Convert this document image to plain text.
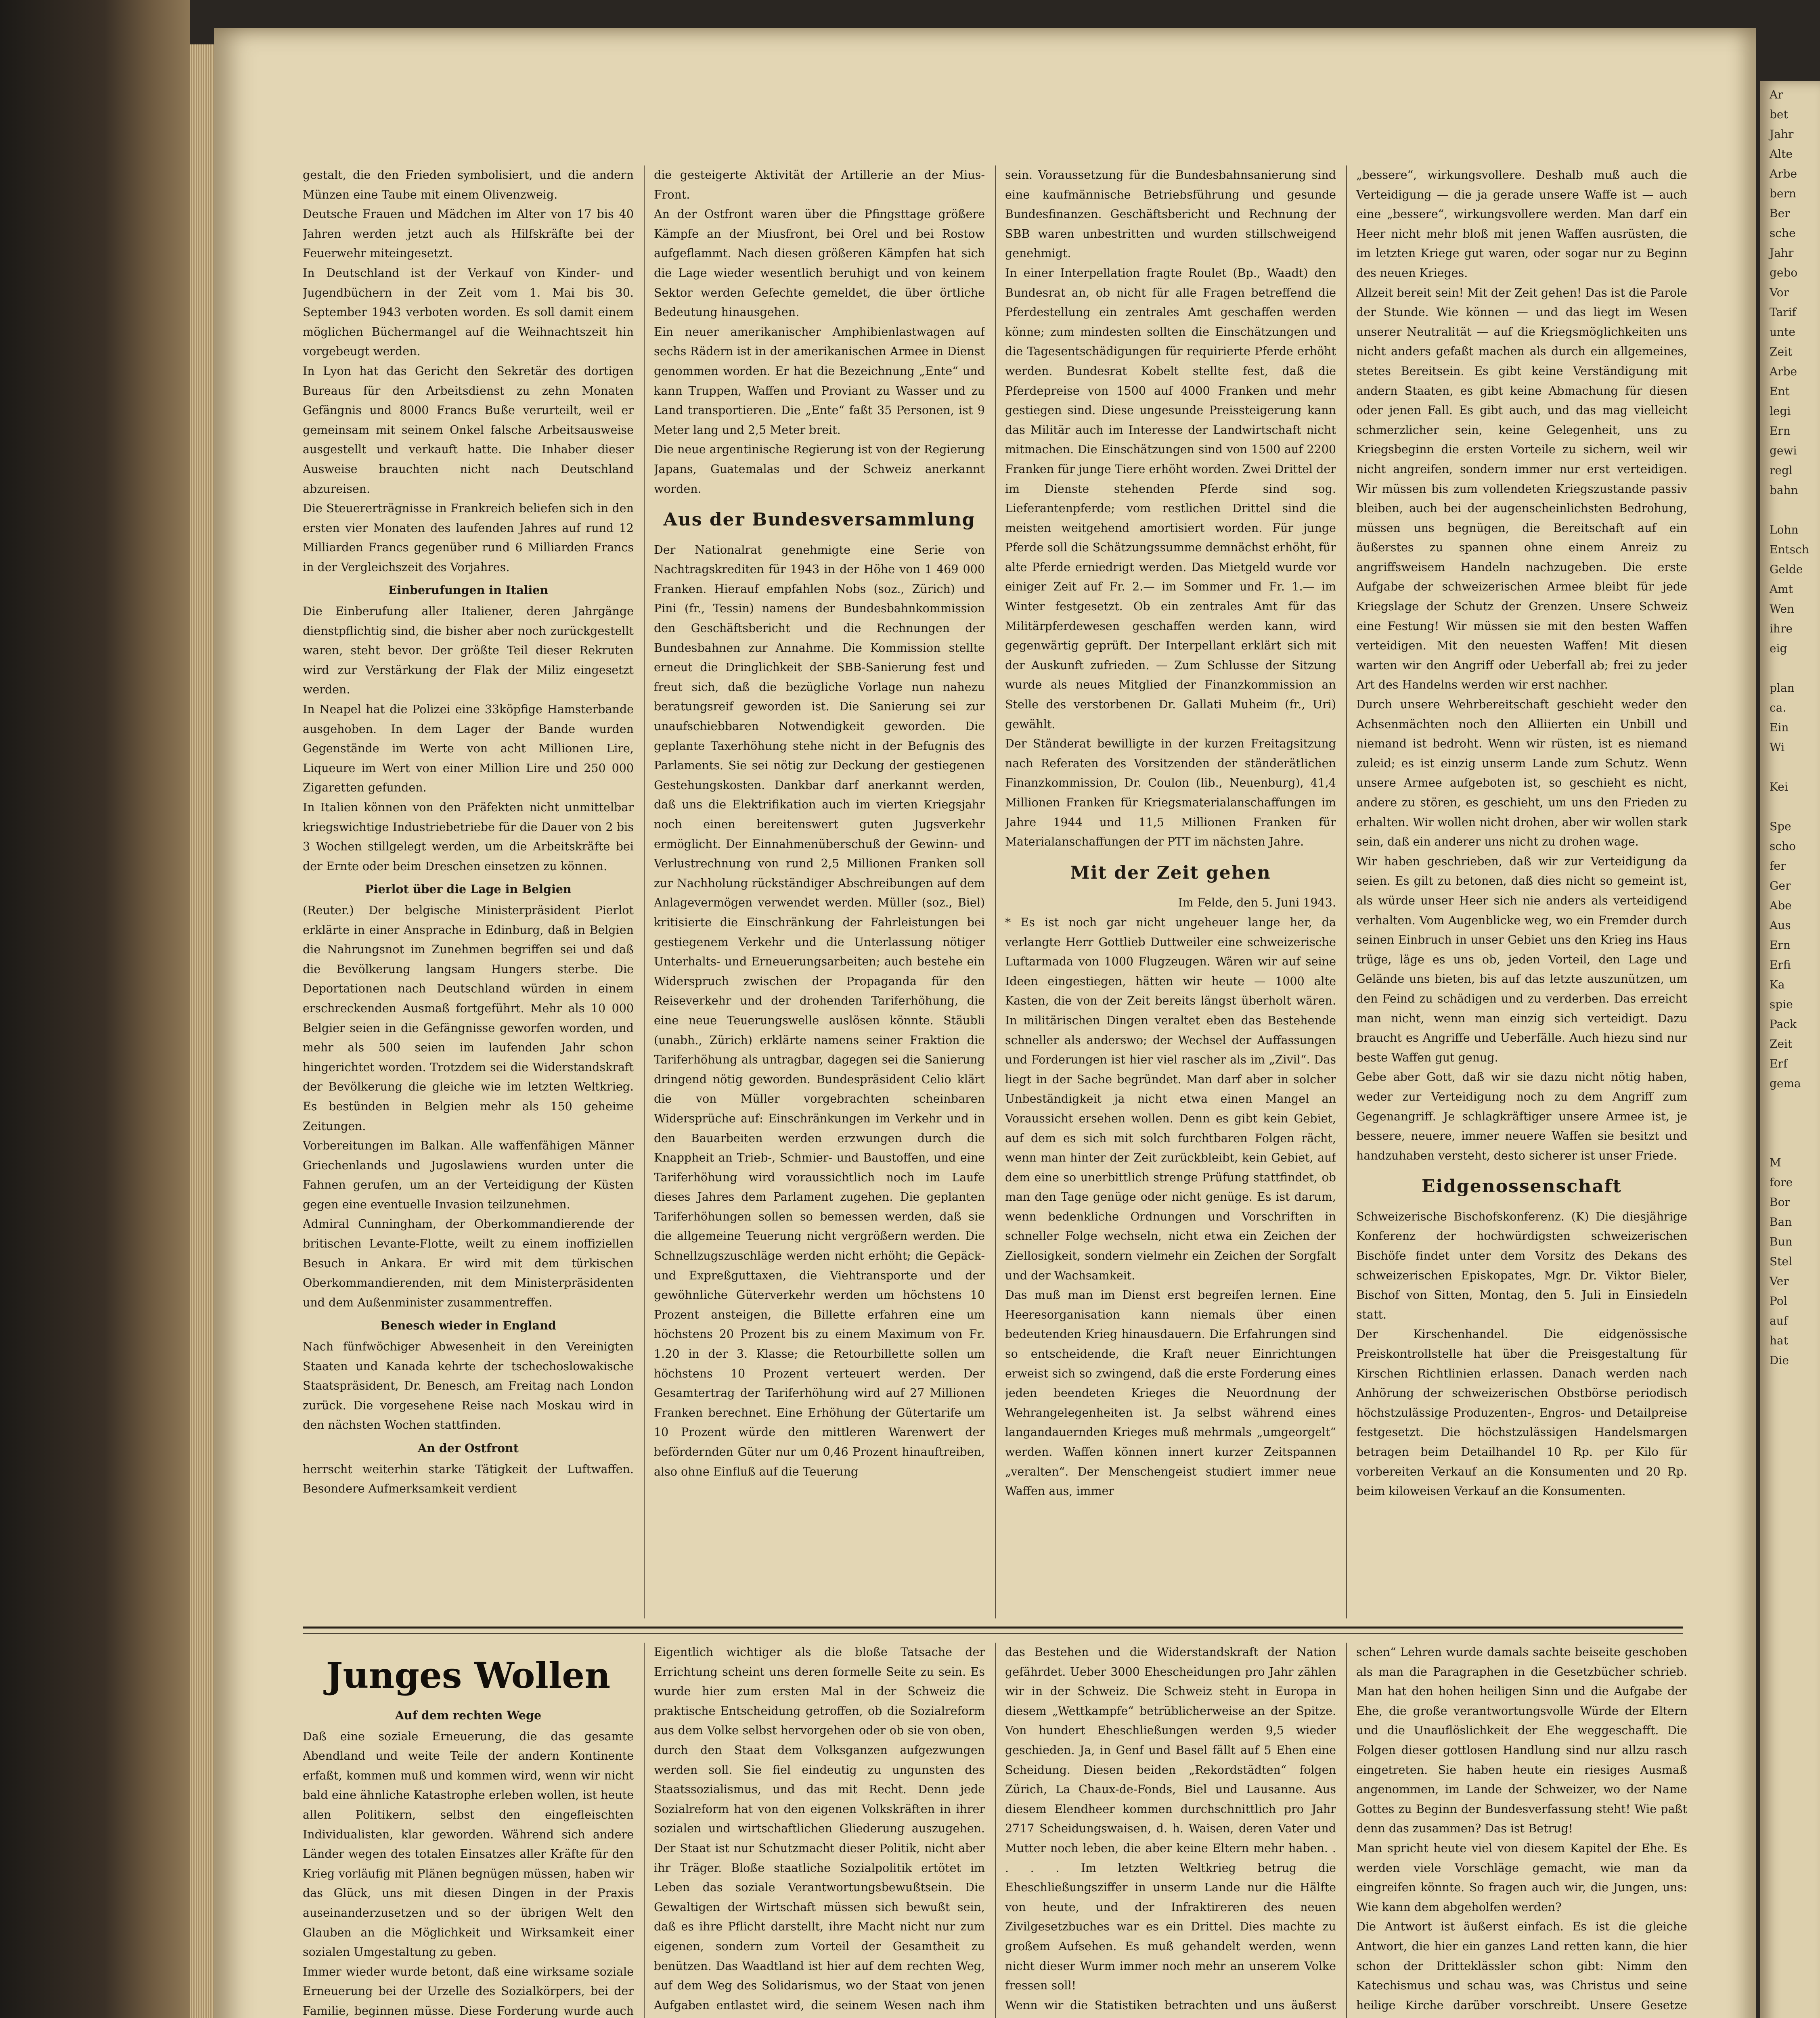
gestalt, die den Frieden symbolisiert, und die andern Münzen eine Taube mit einem Olivenzweig.

Deutsche Frauen und Mädchen im Alter von 17 bis 40 Jahren werden jetzt auch als Hilfskräfte bei der Feuerwehr miteingesetzt.

In Deutschland ist der Verkauf von Kinder- und Jugendbüchern in der Zeit vom 1. Mai bis 30. September 1943 verboten worden. Es soll damit einem möglichen Büchermangel auf die Weihnachtszeit hin vorgebeugt werden.

In Lyon hat das Gericht den Sekretär des dortigen Bureaus für den Arbeitsdienst zu zehn Monaten Gefängnis und 8000 Francs Buße verurteilt, weil er gemeinsam mit seinem Onkel falsche Arbeitsausweise ausgestellt und verkauft hatte. Die Inhaber dieser Ausweise brauchten nicht nach Deutschland abzureisen.

Die Steuererträgnisse in Frankreich beliefen sich in den ersten vier Monaten des laufenden Jahres auf rund 12 Milliarden Francs gegenüber rund 6 Milliarden Francs in der Vergleichszeit des Vorjahres.

Einberufungen in Italien

Die Einberufung aller Italiener, deren Jahrgänge dienstpflichtig sind, die bisher aber noch zurückgestellt waren, steht bevor. Der größte Teil dieser Rekruten wird zur Verstärkung der Flak der Miliz eingesetzt werden.

In Neapel hat die Polizei eine 33köpfige Hamsterbande ausgehoben. In dem Lager der Bande wurden Gegenstände im Werte von acht Millionen Lire, Liqueure im Wert von einer Million Lire und 250 000 Zigaretten gefunden.

In Italien können von den Präfekten nicht unmittelbar kriegswichtige Industriebetriebe für die Dauer von 2 bis 3 Wochen stillgelegt werden, um die Arbeitskräfte bei der Ernte oder beim Dreschen einsetzen zu können.

Pierlot über die Lage in Belgien

(Reuter.) Der belgische Ministerpräsident Pierlot erklärte in einer Ansprache in Edinburg, daß in Belgien die Nahrungsnot im Zunehmen begriffen sei und daß die Bevölkerung langsam Hungers sterbe. Die Deportationen nach Deutschland würden in einem erschreckenden Ausmaß fortgeführt. Mehr als 10 000 Belgier seien in die Gefängnisse geworfen worden, und mehr als 500 seien im laufenden Jahr schon hingerichtet worden. Trotzdem sei die Widerstandskraft der Bevölkerung die gleiche wie im letzten Weltkrieg. Es bestünden in Belgien mehr als 150 geheime Zeitungen.

Vorbereitungen im Balkan. Alle waffenfähigen Männer Griechenlands und Jugoslawiens wurden unter die Fahnen gerufen, um an der Verteidigung der Küsten gegen eine eventuelle Invasion teilzunehmen.

Admiral Cunningham, der Oberkommandierende der britischen Levante-Flotte, weilt zu einem inoffiziellen Besuch in Ankara. Er wird mit dem türkischen Oberkommandierenden, mit dem Ministerpräsidenten und dem Außenminister zusammentreffen.

Benesch wieder in England

Nach fünfwöchiger Abwesenheit in den Vereinigten Staaten und Kanada kehrte der tschechoslowakische Staatspräsident, Dr. Benesch, am Freitag nach London zurück. Die vorgesehene Reise nach Moskau wird in den nächsten Wochen stattfinden.

An der Ostfront

herrscht weiterhin starke Tätigkeit der Luftwaffen. Besondere Aufmerksamkeit verdient

die gesteigerte Aktivität der Artillerie an der Mius-Front.

An der Ostfront waren über die Pfingsttage größere Kämpfe an der Miusfront, bei Orel und bei Rostow aufgeflammt. Nach diesen größeren Kämpfen hat sich die Lage wieder wesentlich beruhigt und von keinem Sektor werden Gefechte gemeldet, die über örtliche Bedeutung hinausgehen.

Ein neuer amerikanischer Amphibienlastwagen auf sechs Rädern ist in der amerikanischen Armee in Dienst genommen worden. Er hat die Bezeichnung „Ente“ und kann Truppen, Waffen und Proviant zu Wasser und zu Land transportieren. Die „Ente“ faßt 35 Personen, ist 9 Meter lang und 2,5 Meter breit.

Die neue argentinische Regierung ist von der Regierung Japans, Guatemalas und der Schweiz anerkannt worden.

Aus der Bundesversammlung

Der Nationalrat genehmigte eine Serie von Nachtragskrediten für 1943 in der Höhe von 1 469 000 Franken. Hierauf empfahlen Nobs (soz., Zürich) und Pini (fr., Tessin) namens der Bundesbahnkommission den Geschäftsbericht und die Rechnungen der Bundesbahnen zur Annahme. Die Kommission stellte erneut die Dringlichkeit der SBB-Sanierung fest und freut sich, daß die bezügliche Vorlage nun nahezu beratungsreif geworden ist. Die Sanierung sei zur unaufschiebbaren Notwendigkeit geworden. Die geplante Taxerhöhung stehe nicht in der Befugnis des Parlaments. Sie sei nötig zur Deckung der gestiegenen Gestehungskosten. Dankbar darf anerkannt werden, daß uns die Elektrifikation auch im vierten Kriegsjahr noch einen bereitenswert guten Jugsverkehr ermöglicht. Der Einnahmenüberschuß der Gewinn- und Verlustrechnung von rund 2,5 Millionen Franken soll zur Nachholung rückständiger Abschreibungen auf dem Anlagevermögen verwendet werden. Müller (soz., Biel) kritisierte die Einschränkung der Fahrleistungen bei gestiegenem Verkehr und die Unterlassung nötiger Unterhalts- und Erneuerungsarbeiten; auch bestehe ein Widerspruch zwischen der Propaganda für den Reiseverkehr und der drohenden Tariferhöhung, die eine neue Teuerungswelle auslösen könnte. Stäubli (unabh., Zürich) erklärte namens seiner Fraktion die Tariferhöhung als untragbar, dagegen sei die Sanierung dringend nötig geworden. Bundespräsident Celio klärt die von Müller vorgebrachten scheinbaren Widersprüche auf: Einschränkungen im Verkehr und in den Bauarbeiten werden erzwungen durch die Knappheit an Trieb-, Schmier- und Baustoffen, und eine Tariferhöhung wird voraussichtlich noch im Laufe dieses Jahres dem Parlament zugehen. Die geplanten Tariferhöhungen sollen so bemessen werden, daß sie die allgemeine Teuerung nicht vergrößern werden. Die Schnellzugszuschläge werden nicht erhöht; die Gepäck- und Expreßguttaxen, die Viehtransporte und der gewöhnliche Güterverkehr werden um höchstens 10 Prozent ansteigen, die Billette erfahren eine um höchstens 20 Prozent bis zu einem Maximum von Fr. 1.20 in der 3. Klasse; die Retourbillette sollen um höchstens 10 Prozent verteuert werden. Der Gesamtertrag der Tariferhöhung wird auf 27 Millionen Franken berechnet. Eine Erhöhung der Gütertarife um 10 Prozent würde den mittleren Warenwert der befördernden Güter nur um 0,46 Prozent hinauftreiben, also ohne Einfluß auf die Teuerung

sein. Voraussetzung für die Bundesbahnsanierung sind eine kaufmännische Betriebsführung und gesunde Bundesfinanzen. Geschäftsbericht und Rechnung der SBB waren unbestritten und wurden stillschweigend genehmigt.

In einer Interpellation fragte Roulet (Bp., Waadt) den Bundesrat an, ob nicht für alle Fragen betreffend die Pferdestellung ein zentrales Amt geschaffen werden könne; zum mindesten sollten die Einschätzungen und die Tagesentschädigungen für requirierte Pferde erhöht werden. Bundesrat Kobelt stellte fest, daß die Pferdepreise von 1500 auf 4000 Franken und mehr gestiegen sind. Diese ungesunde Preissteigerung kann das Militär auch im Interesse der Landwirtschaft nicht mitmachen. Die Einschätzungen sind von 1500 auf 2200 Franken für junge Tiere erhöht worden. Zwei Drittel der im Dienste stehenden Pferde sind sog. Lieferantenpferde; vom restlichen Drittel sind die meisten weitgehend amortisiert worden. Für junge Pferde soll die Schätzungssumme demnächst erhöht, für alte Pferde erniedrigt werden. Das Mietgeld wurde vor einiger Zeit auf Fr. 2.— im Sommer und Fr. 1.— im Winter festgesetzt. Ob ein zentrales Amt für das Militärpferdewesen geschaffen werden kann, wird gegenwärtig geprüft. Der Interpellant erklärt sich mit der Auskunft zufrieden. — Zum Schlusse der Sitzung wurde als neues Mitglied der Finanzkommission an Stelle des verstorbenen Dr. Gallati Muheim (fr., Uri) gewählt.

Der Ständerat bewilligte in der kurzen Freitagsitzung nach Referaten des Vorsitzenden der ständerätlichen Finanzkommission, Dr. Coulon (lib., Neuenburg), 41,4 Millionen Franken für Kriegsmaterialanschaffungen im Jahre 1944 und 11,5 Millionen Franken für Materialanschaffungen der PTT im nächsten Jahre.

Mit der Zeit gehen

Im Felde, den 5. Juni 1943.

* Es ist noch gar nicht ungeheuer lange her, da verlangte Herr Gottlieb Duttweiler eine schweizerische Luftarmada von 1000 Flugzeugen. Wären wir auf seine Ideen eingestiegen, hätten wir heute — 1000 alte Kasten, die von der Zeit bereits längst überholt wären. In militärischen Dingen veraltet eben das Bestehende schneller als anderswo; der Wechsel der Auffassungen und Forderungen ist hier viel rascher als im „Zivil“. Das liegt in der Sache begründet. Man darf aber in solcher Unbeständigkeit ja nicht etwa einen Mangel an Voraussicht ersehen wollen. Denn es gibt kein Gebiet, auf dem es sich mit solch furchtbaren Folgen rächt, wenn man hinter der Zeit zurückbleibt, kein Gebiet, auf dem eine so unerbittlich strenge Prüfung stattfindet, ob man den Tage genüge oder nicht genüge. Es ist darum, wenn bedenkliche Ordnungen und Vorschriften in schneller Folge wechseln, nicht etwa ein Zeichen der Ziellosigkeit, sondern vielmehr ein Zeichen der Sorgfalt und der Wachsamkeit.

Das muß man im Dienst erst begreifen lernen. Eine Heeresorganisation kann niemals über einen bedeutenden Krieg hinausdauern. Die Erfahrungen sind so entscheidende, die Kraft neuer Einrichtungen erweist sich so zwingend, daß die erste Forderung eines jeden beendeten Krieges die Neuordnung der Wehrangelegenheiten ist. Ja selbst während eines langandauernden Krieges muß mehrmals „umgeorgelt“ werden. Waffen können innert kurzer Zeitspannen „veralten“. Der Menschengeist studiert immer neue Waffen aus, immer

„bessere“, wirkungsvollere. Deshalb muß auch die Verteidigung — die ja gerade unsere Waffe ist — auch eine „bessere“, wirkungsvollere werden. Man darf ein Heer nicht mehr bloß mit jenen Waffen ausrüsten, die im letzten Kriege gut waren, oder sogar nur zu Beginn des neuen Krieges.

Allzeit bereit sein! Mit der Zeit gehen! Das ist die Parole der Stunde. Wie können — und das liegt im Wesen unserer Neutralität — auf die Kriegsmöglichkeiten uns nicht anders gefaßt machen als durch ein allgemeines, stetes Bereitsein. Es gibt keine Verständigung mit andern Staaten, es gibt keine Abmachung für diesen oder jenen Fall. Es gibt auch, und das mag vielleicht schmerzlicher sein, keine Gelegenheit, uns zu Kriegsbeginn die ersten Vorteile zu sichern, weil wir nicht angreifen, sondern immer nur erst verteidigen. Wir müssen bis zum vollendeten Kriegszustande passiv bleiben, auch bei der augenscheinlichsten Bedrohung, müssen uns begnügen, die Bereitschaft auf ein äußerstes zu spannen ohne einem Anreiz zu angriffsweisem Handeln nachzugeben. Die erste Aufgabe der schweizerischen Armee bleibt für jede Kriegslage der Schutz der Grenzen. Unsere Schweiz eine Festung! Wir müssen sie mit den besten Waffen verteidigen. Mit den neuesten Waffen! Mit diesen warten wir den Angriff oder Ueberfall ab; frei zu jeder Art des Handelns werden wir erst nachher.

Durch unsere Wehrbereitschaft geschieht weder den Achsenmächten noch den Alliierten ein Unbill und niemand ist bedroht. Wenn wir rüsten, ist es niemand zuleid; es ist einzig unserm Lande zum Schutz. Wenn unsere Armee aufgeboten ist, so geschieht es nicht, andere zu stören, es geschieht, um uns den Frieden zu erhalten. Wir wollen nicht drohen, aber wir wollen stark sein, daß ein anderer uns nicht zu drohen wage.

Wir haben geschrieben, daß wir zur Verteidigung da seien. Es gilt zu betonen, daß dies nicht so gemeint ist, als würde unser Heer sich nie anders als verteidigend verhalten. Vom Augenblicke weg, wo ein Fremder durch seinen Einbruch in unser Gebiet uns den Krieg ins Haus trüge, läge es uns ob, jeden Vorteil, den Lage und Gelände uns bieten, bis auf das letzte auszunützen, um den Feind zu schädigen und zu verderben. Das erreicht man nicht, wenn man einzig sich verteidigt. Dazu braucht es Angriffe und Ueberfälle. Auch hiezu sind nur beste Waffen gut genug.

Gebe aber Gott, daß wir sie dazu nicht nötig haben, weder zur Verteidigung noch zu dem Angriff zum Gegenangriff. Je schlagkräftiger unsere Armee ist, je bessere, neuere, immer neuere Waffen sie besitzt und handzuhaben versteht, desto sicherer ist unser Friede.

Eidgenossenschaft

Schweizerische Bischofskonferenz. (K) Die diesjährige Konferenz der hochwürdigsten schweizerischen Bischöfe findet unter dem Vorsitz des Dekans des schweizerischen Episkopates, Mgr. Dr. Viktor Bieler, Bischof von Sitten, Montag, den 5. Juli in Einsiedeln statt.

Der Kirschenhandel. Die eidgenössische Preiskontrollstelle hat über die Preisgestaltung für Kirschen Richtlinien erlassen. Danach werden nach Anhörung der schweizerischen Obstbörse periodisch höchstzulässige Produzenten-, Engros- und Detailpreise festgesetzt. Die höchstzulässigen Handelsmargen betragen beim Detailhandel 10 Rp. per Kilo für vorbereiten Verkauf an die Konsumenten und 20 Rp. beim kiloweisen Verkauf an die Konsumenten.

Junges Wollen

Auf dem rechten Wege

Daß eine soziale Erneuerung, die das gesamte Abendland und weite Teile der andern Kontinente erfaßt, kommen muß und kommen wird, wenn wir nicht bald eine ähnliche Katastrophe erleben wollen, ist heute allen Politikern, selbst den eingefleischten Individualisten, klar geworden. Während sich andere Länder wegen des totalen Einsatzes aller Kräfte für den Krieg vorläufig mit Plänen begnügen müssen, haben wir das Glück, uns mit diesen Dingen in der Praxis auseinanderzusetzen und so der übrigen Welt den Glauben an die Möglichkeit und Wirksamkeit einer sozialen Umgestaltung zu geben.

Immer wieder wurde betont, daß eine wirksame soziale Erneuerung bei der Urzelle des Sozialkörpers, bei der Familie, beginnen müsse. Diese Forderung wurde auch

Eigentlich wichtiger als die bloße Tatsache der Errichtung scheint uns deren formelle Seite zu sein. Es wurde hier zum ersten Mal in der Schweiz die praktische Entscheidung getroffen, ob die Sozialreform aus dem Volke selbst hervorgehen oder ob sie von oben, durch den Staat dem Volksganzen aufgezwungen werden soll. Sie fiel eindeutig zu ungunsten des Staatssozialismus, und das mit Recht. Denn jede Sozialreform hat von den eigenen Volkskräften in ihrer sozialen und wirtschaftlichen Gliederung auszugehen. Der Staat ist nur Schutzmacht dieser Politik, nicht aber ihr Träger. Bloße staatliche Sozialpolitik ertötet im Leben das soziale Verantwortungsbewußtsein. Die Gewaltigen der Wirtschaft müssen sich bewußt sein, daß es ihre Pflicht darstellt, ihre Macht nicht nur zum eigenen, sondern zum Vorteil der Gesamtheit zu benützen. Das Waadtland ist hier auf dem rechten Weg, auf dem Weg des Solidarismus, wo der Staat von jenen Aufgaben entlastet wird, die seinem Wesen nach ihm

das Bestehen und die Widerstandskraft der Nation gefährdet. Ueber 3000 Ehescheidungen pro Jahr zählen wir in der Schweiz. Die Schweiz steht in Europa in diesem „Wettkampfe“ betrüblicherweise an der Spitze. Von hundert Eheschließungen werden 9,5 wieder geschieden. Ja, in Genf und Basel fällt auf 5 Ehen eine Scheidung. Diesen beiden „Rekordstädten“ folgen Zürich, La Chaux-de-Fonds, Biel und Lausanne. Aus diesem Elendheer kommen durchschnittlich pro Jahr 2717 Scheidungswaisen, d. h. Waisen, deren Vater und Mutter noch leben, die aber keine Eltern mehr haben. . . . . Im letzten Weltkrieg betrug die Eheschließungsziffer in unserm Lande nur die Hälfte von heute, und der Infraktireren des neuen Zivilgesetzbuches war es ein Drittel. Dies machte zu großem Aufsehen. Es muß gehandelt werden, wenn nicht dieser Wurm immer noch mehr an unserem Volke fressen soll!

Wenn wir die Statistiken betrachten und uns äußerst

schen“ Lehren wurde damals sachte beiseite geschoben als man die Paragraphen in die Gesetzbücher schrieb. Man hat den hohen heiligen Sinn und die Aufgabe der Ehe, die große verantwortungsvolle Würde der Eltern und die Unauflöslichkeit der Ehe weggeschafft. Die Folgen dieser gottlosen Handlung sind nur allzu rasch eingetreten. Sie haben heute ein riesiges Ausmaß angenommen, im Lande der Schweizer, wo der Name Gottes zu Beginn der Bundesverfassung steht! Wie paßt denn das zusammen? Das ist Betrug!

Man spricht heute viel von diesem Kapitel der Ehe. Es werden viele Vorschläge gemacht, wie man da eingreifen könnte. So fragen auch wir, die Jungen, uns: Wie kann dem abgeholfen werden?

Die Antwort ist äußerst einfach. Es ist die gleiche Antwort, die hier ein ganzes Land retten kann, die hier schon der Dritteklässler schon gibt: Nimm den Katechismus und schau was, was Christus und seine heilige Kirche darüber vorschreibt. Unsere Gesetze

Ar
bet
Jahr
Alte
Arbe
bern
Ber
sche
Jahr
gebo
Vor
Tarif
unte
Zeit
Arbe
Ent
legi
Ern
gewi
regl
bahn

Lohn
Entsch
Gelde
Amt
Wen
ihre
eig

plan
ca.
Ein
Wi

Kei

Spe
scho
fer
Ger
Abe
Aus
Ern
Erfi
Ka
spie
Pack
Zeit
Erf
gema

M
fore
Bor
Ban
Bun
Stel
Ver
Pol
auf
hat
Die
